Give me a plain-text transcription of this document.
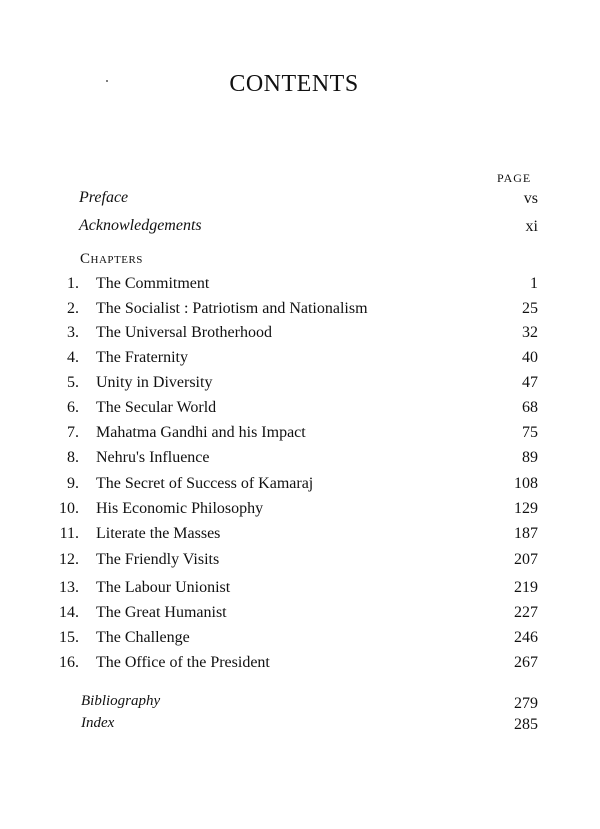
CONTENTS
PAGE
Preface	vs
Acknowledgements	xi
Chapters
1. The Commitment	1
2. The Socialist : Patriotism and Nationalism	25
3. The Universal Brotherhood	32
4. The Fraternity	40
5. Unity in Diversity	47
6. The Secular World	68
7. Mahatma Gandhi and his Impact	75
8. Nehru's Influence	89
9. The Secret of Success of Kamaraj	108
10. His Economic Philosophy	129
11. Literate the Masses	187
12. The Friendly Visits	207
13. The Labour Unionist	219
14. The Great Humanist	227
15. The Challenge	246
16. The Office of the President	267
Bibliography	279
Index	285
